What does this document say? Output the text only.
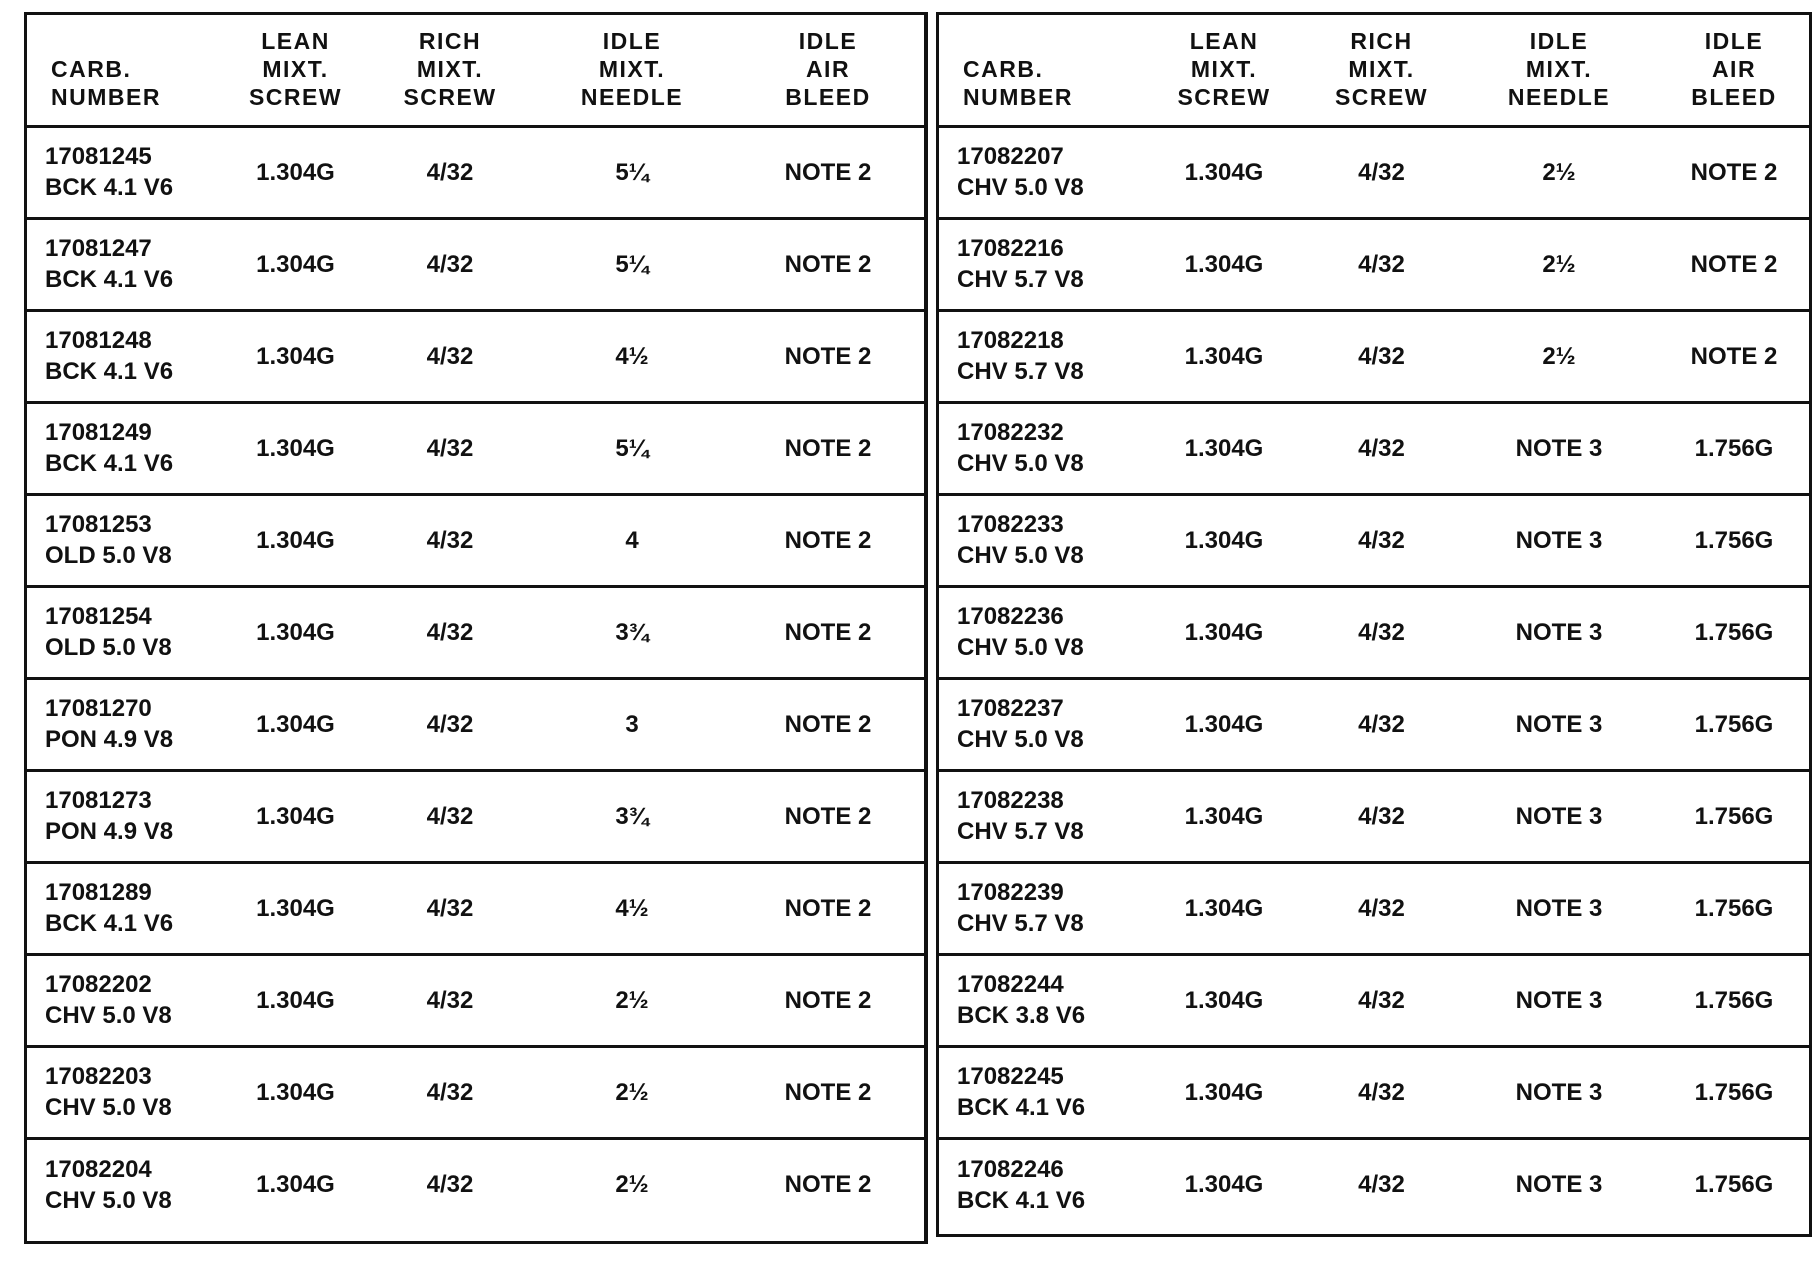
CARB.
NUMBER	LEAN
MIXT.
SCREW	RICH
MIXT.
SCREW	IDLE
MIXT.
NEEDLE	IDLE
AIR
BLEED

17081245
BCK 4.1 V6	1.304G	4/32	5¼	NOTE 2

17081247
BCK 4.1 V6	1.304G	4/32	5¼	NOTE 2

17081248
BCK 4.1 V6	1.304G	4/32	4½	NOTE 2

17081249
BCK 4.1 V6	1.304G	4/32	5¼	NOTE 2

17081253
OLD 5.0 V8	1.304G	4/32	4	NOTE 2

17081254
OLD 5.0 V8	1.304G	4/32	3¾	NOTE 2

17081270
PON 4.9 V8	1.304G	4/32	3	NOTE 2

17081273
PON 4.9 V8	1.304G	4/32	3¾	NOTE 2

17081289
BCK 4.1 V6	1.304G	4/32	4½	NOTE 2

17082202
CHV 5.0 V8	1.304G	4/32	2½	NOTE 2

17082203
CHV 5.0 V8	1.304G	4/32	2½	NOTE 2

17082204
CHV 5.0 V8	1.304G	4/32	2½	NOTE 2
CARB.
NUMBER	LEAN
MIXT.
SCREW	RICH
MIXT.
SCREW	IDLE
MIXT.
NEEDLE	IDLE
AIR
BLEED

17082207
CHV 5.0 V8	1.304G	4/32	2½	NOTE 2

17082216
CHV 5.7 V8	1.304G	4/32	2½	NOTE 2

17082218
CHV 5.7 V8	1.304G	4/32	2½	NOTE 2

17082232
CHV 5.0 V8	1.304G	4/32	NOTE 3	1.756G

17082233
CHV 5.0 V8	1.304G	4/32	NOTE 3	1.756G

17082236
CHV 5.0 V8	1.304G	4/32	NOTE 3	1.756G

17082237
CHV 5.0 V8	1.304G	4/32	NOTE 3	1.756G

17082238
CHV 5.7 V8	1.304G	4/32	NOTE 3	1.756G

17082239
CHV 5.7 V8	1.304G	4/32	NOTE 3	1.756G

17082244
BCK 3.8 V6	1.304G	4/32	NOTE 3	1.756G

17082245
BCK 4.1 V6	1.304G	4/32	NOTE 3	1.756G

17082246
BCK 4.1 V6	1.304G	4/32	NOTE 3	1.756G
